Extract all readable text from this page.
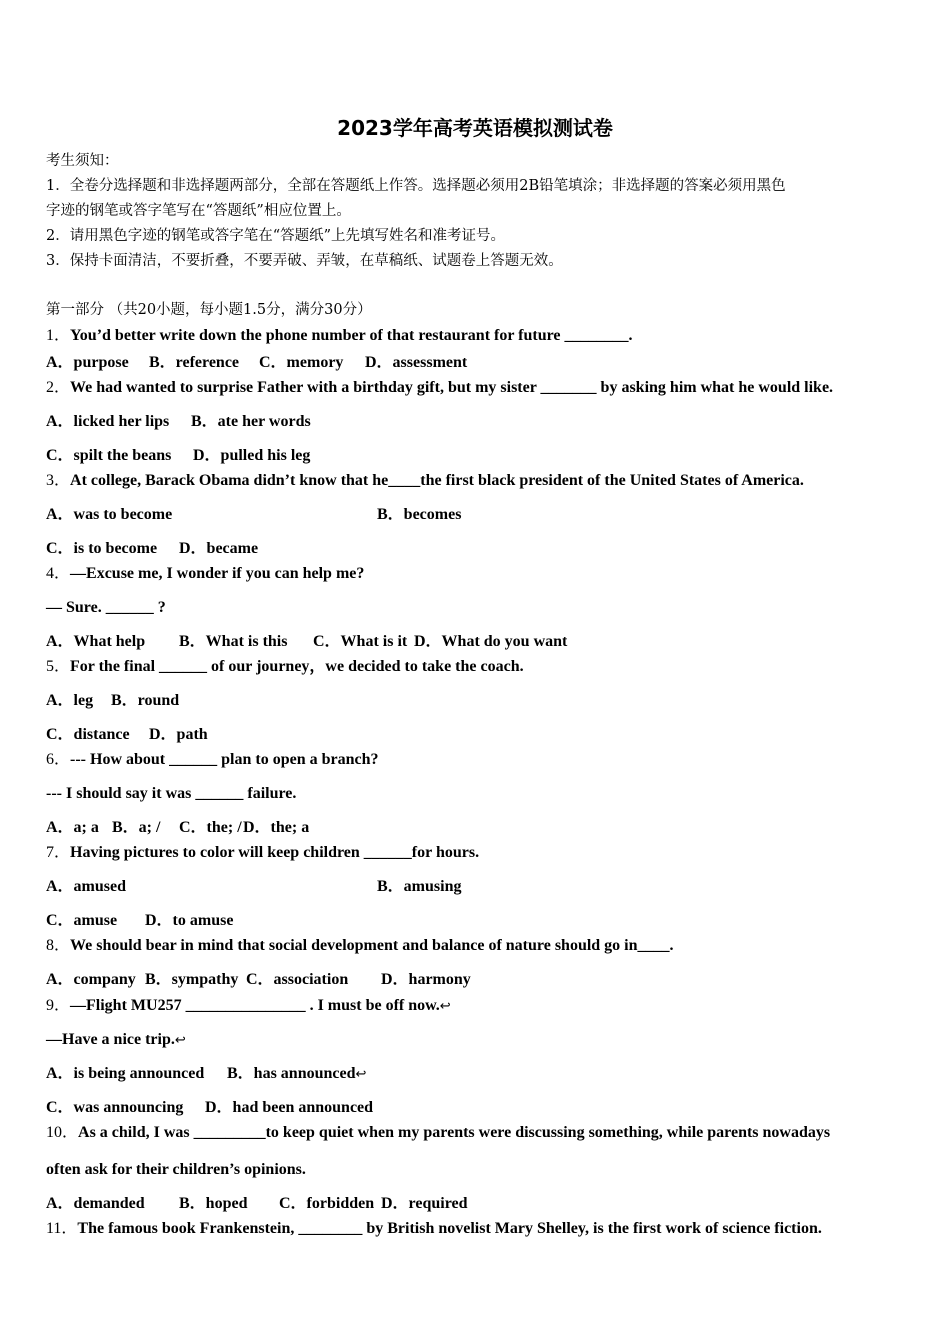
2023学年高考英语模拟测试卷
考生须知：
1．全卷分选择题和非选择题两部分，全部在答题纸上作答。选择题必须用2B铅笔填涂；非选择题的答案必须用黑色
字迹的钢笔或答字笔写在“答题纸”相应位置上。
2．请用黑色字迹的钢笔或答字笔在“答题纸”上先填写姓名和准考证号。
3．保持卡面清洁，不要折叠，不要弄破、弄皱，在草稿纸、试题卷上答题无效。
第一部分 （共20小题，每小题1.5分，满分30分）
1．You’d better write down the phone number of that restaurant for future ________.
A．purpose B．reference C．memory D．assessment
2．We had wanted to surprise Father with a birthday gift, but my sister _______ by asking him what he would like.
A．licked her lips B．ate her words
C．spilt the beans D．pulled his leg
3．At college, Barack Obama didn’t know that he____the first black president of the United States of America.
A．was to become	B．becomes
C．is to become D．became
4．—Excuse me, I wonder if you can help me?
— Sure. ______ ?
A．What help B．What is this C．What is it D．What do you want
5．For the final ______ of our journey，we decided to take the coach.
A．leg B．round
C．distance D．path
6．--- How about ______ plan to open a branch?
--- I should say it was ______ failure.
A．a; a B．a; / C．the; / D．the; a
7．Having pictures to color will keep children ______for hours.
A．amused	B．amusing
C．amuse D．to amuse
8．We should bear in mind that social development and balance of nature should go in____.
A．company B．sympathy C．association D．harmony
9．—Flight MU257 _______________ . I must be off now.↩
—Have a nice trip.↩
A．is being announced B．has announced↩
C．was announcing D．had been announced
10．As a child, I was _________to keep quiet when my parents were discussing something, while parents nowadays
often ask for their children’s opinions.
A．demanded B．hoped C．forbidden D．required
11．The famous book Frankenstein, ________ by British novelist Mary Shelley, is the first work of science fiction.
